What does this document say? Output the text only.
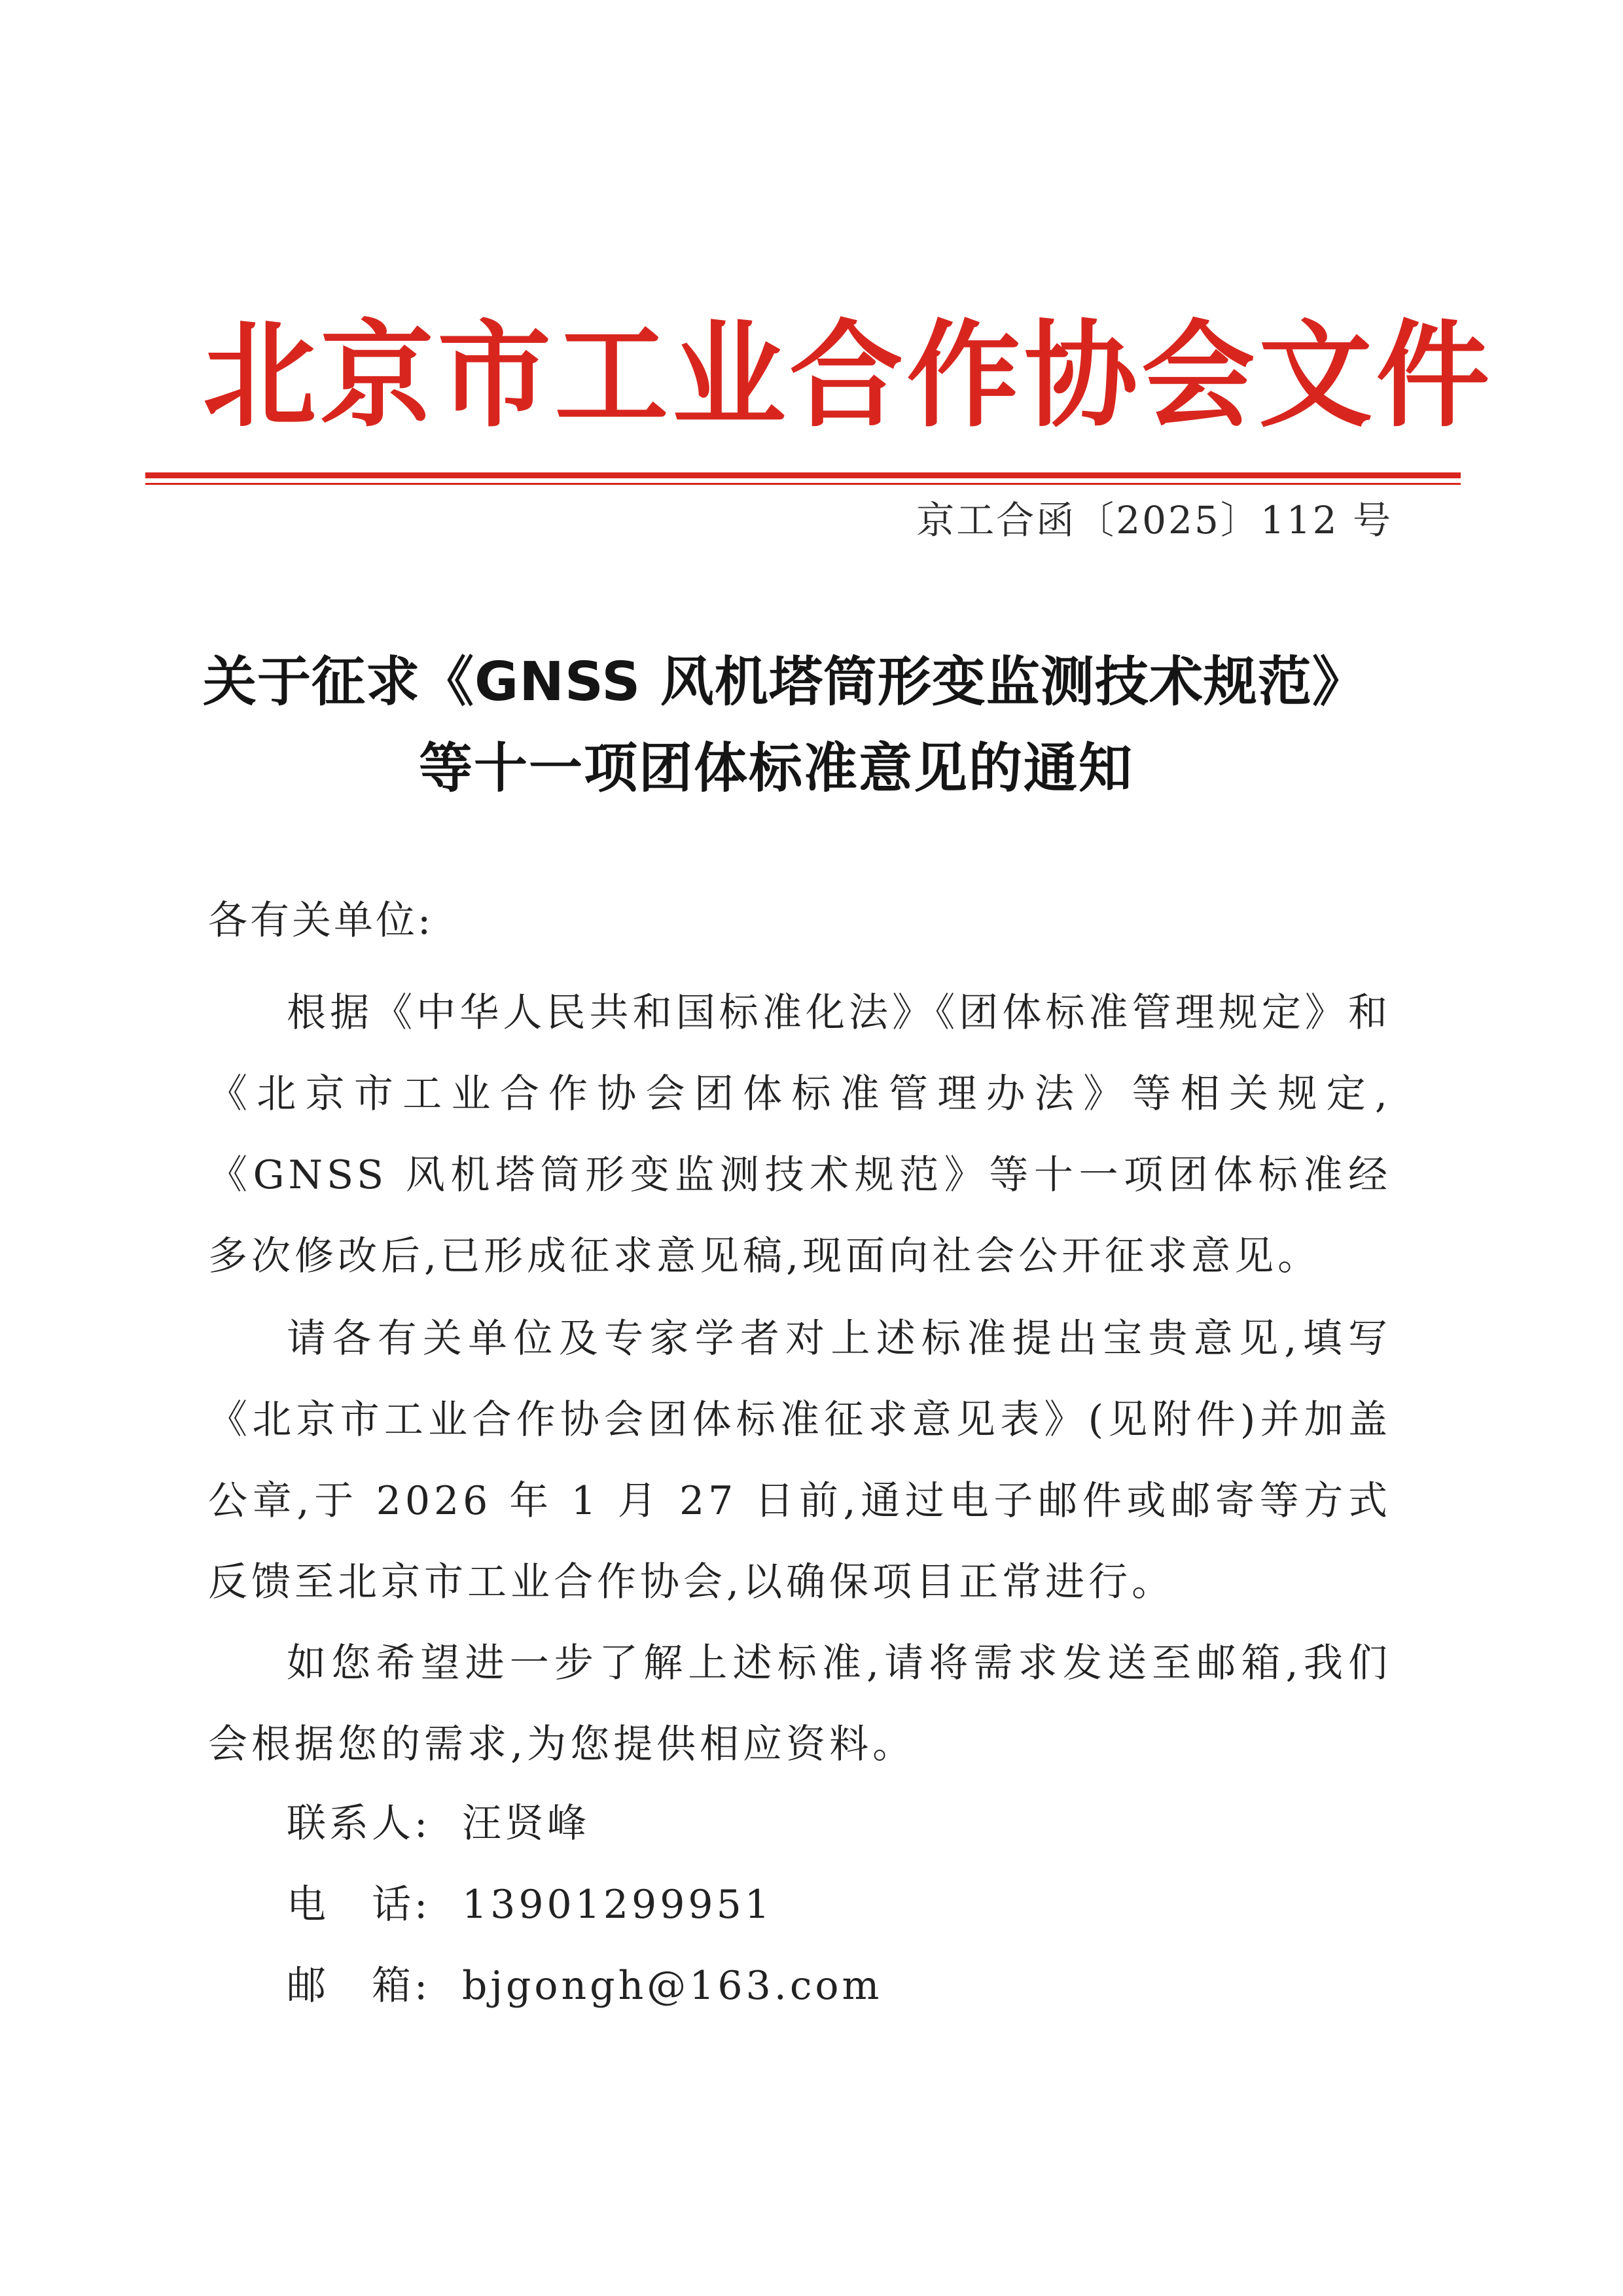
北京市工业合作协会文件
京工合函〔2025〕112 号
关于征求《GNSS 风机塔筒形变监测技术规范》
等十一项团体标准意见的通知
各有关单位:

根据《中华人民共和国标准化法》《团体标准管理规定》和《北京市工业合作协会团体标准管理办法》等相关规定,《GNSS 风机塔筒形变监测技术规范》等十一项团体标准经多次修改后,已形成征求意见稿,现面向社会公开征求意见。

请各有关单位及专家学者对上述标准提出宝贵意见,填写《北京市工业合作协会团体标准征求意见表》(见附件)并加盖公章,于 2026 年 1 月 27 日前,通过电子邮件或邮寄等方式反馈至北京市工业合作协会,以确保项目正常进行。

如您希望进一步了解上述标准,请将需求发送至邮箱,我们会根据您的需求,为您提供相应资料。

联系人: 汪贤峰
电　话: 13901299951
邮　箱: bjgongh@163.com
